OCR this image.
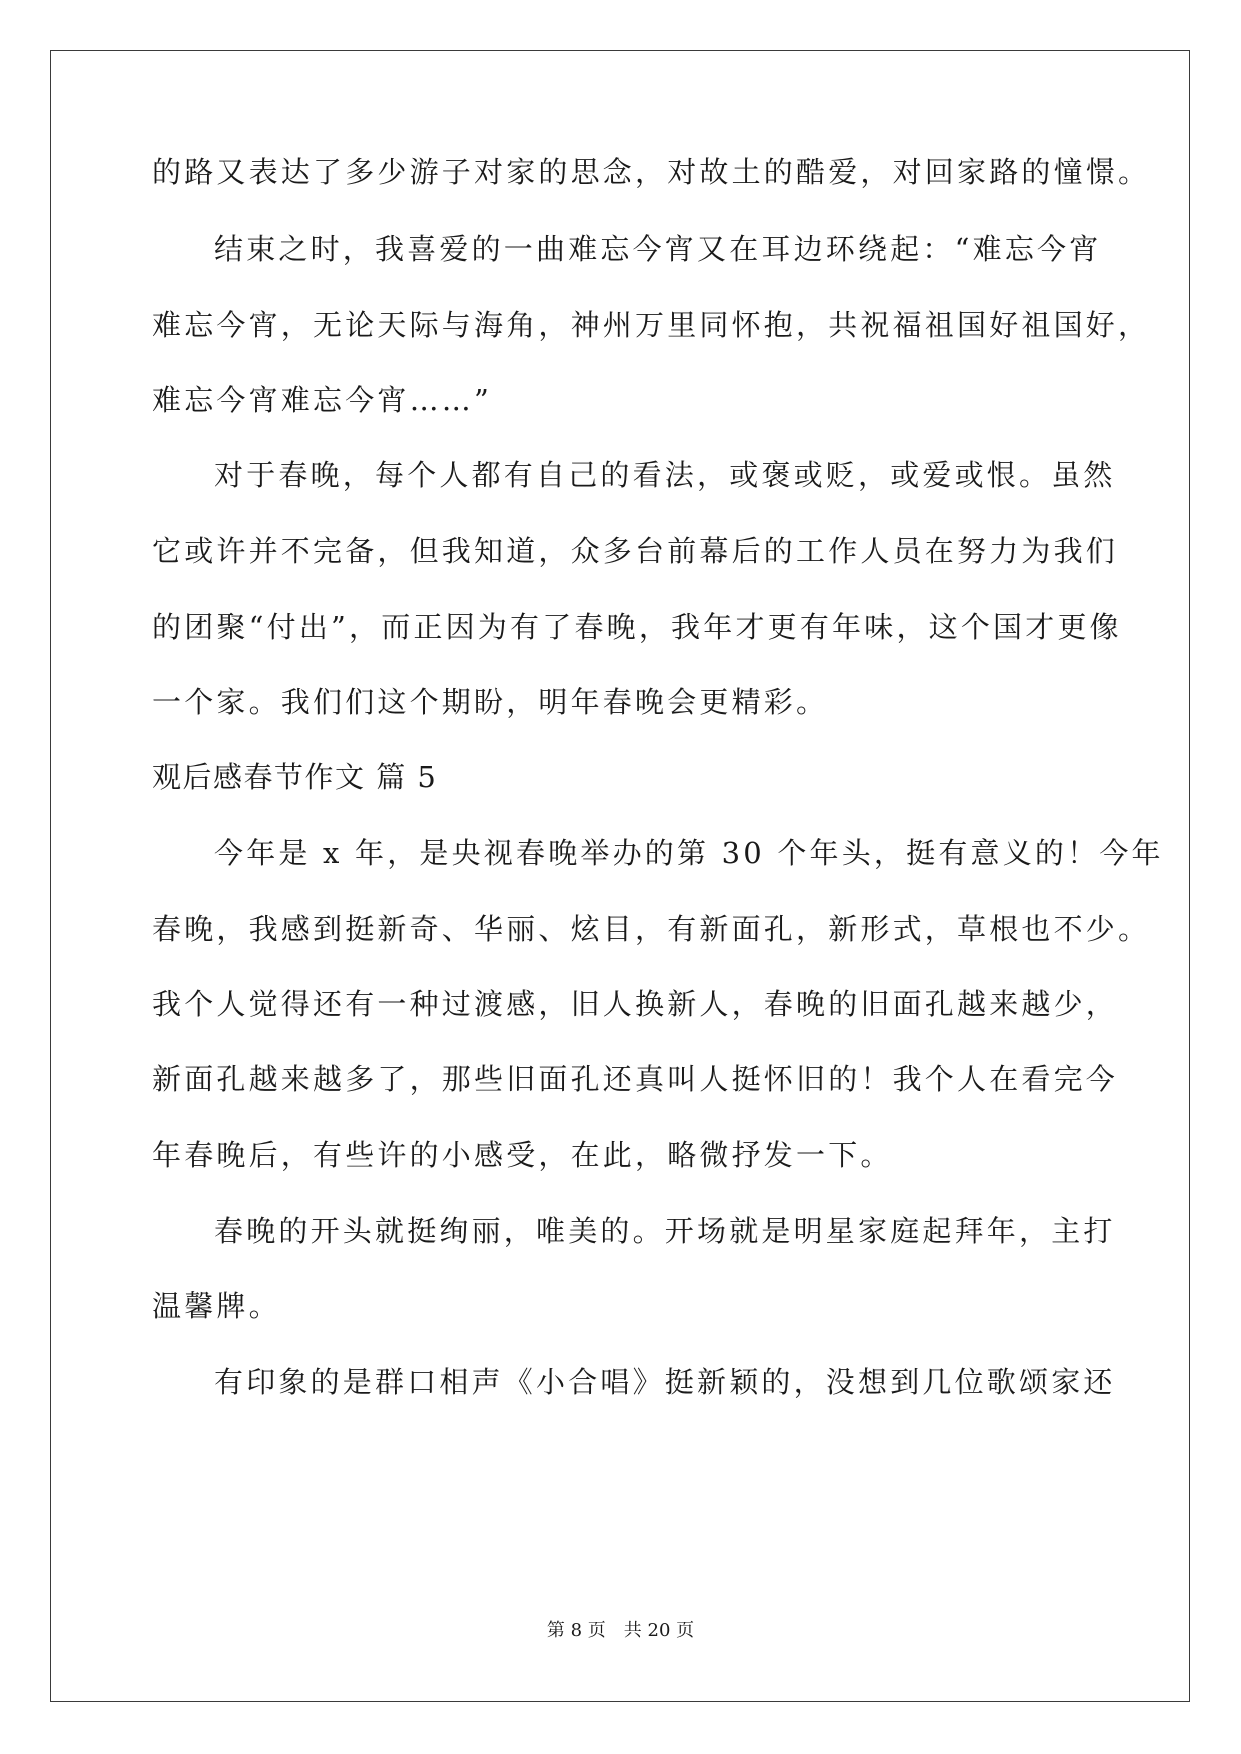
的路又表达了多少游子对家的思念，对故土的酷爱，对回家路的憧憬。
结束之时，我喜爱的一曲难忘今宵又在耳边环绕起：“难忘今宵
难忘今宵，无论天际与海角，神州万里同怀抱，共祝福祖国好祖国好，
难忘今宵难忘今宵……”
对于春晚，每个人都有自己的看法，或褒或贬，或爱或恨。虽然
它或许并不完备，但我知道，众多台前幕后的工作人员在努力为我们
的团聚“付出”，而正因为有了春晚，我年才更有年味，这个国才更像
一个家。我们们这个期盼，明年春晚会更精彩。
观后感春节作文 篇 5
今年是 x 年，是央视春晚举办的第 30 个年头，挺有意义的！今年
春晚，我感到挺新奇、华丽、炫目，有新面孔，新形式，草根也不少。
我个人觉得还有一种过渡感，旧人换新人，春晚的旧面孔越来越少，
新面孔越来越多了，那些旧面孔还真叫人挺怀旧的！我个人在看完今
年春晚后，有些许的小感受，在此，略微抒发一下。
春晚的开头就挺绚丽，唯美的。开场就是明星家庭起拜年，主打
温馨牌。
有印象的是群口相声《小合唱》挺新颖的，没想到几位歌颂家还
第 8 页 共 20 页
